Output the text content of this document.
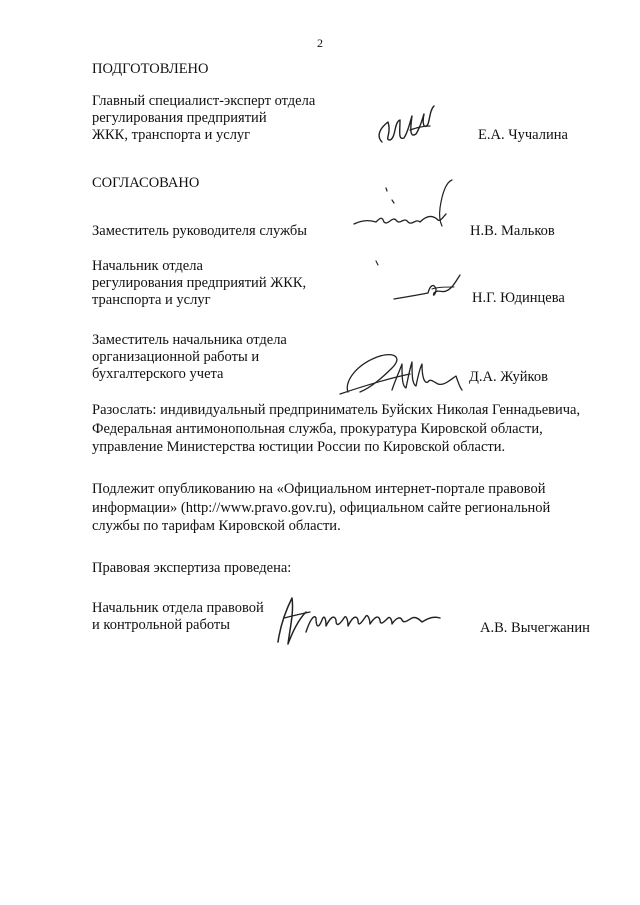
2
ПОДГОТОВЛЕНО
Главный специалист-эксперт отдела
регулирования предприятий
ЖКК, транспорта и услуг	Е.А. Чучалина
СОГЛАСОВАНО
Заместитель руководителя службы	Н.В. Мальков
Начальник отдела
регулирования предприятий ЖКК,
транспорта и услуг	Н.Г. Юдинцева
Заместитель начальника отдела
организационной работы и
бухгалтерского учета	Д.А. Жуйков
Разослать: индивидуальный предприниматель Буйских Николая Геннадьевича,
Федеральная антимонопольная служба, прокуратура Кировской области,
управление Министерства юстиции России по Кировской области.
Подлежит опубликованию на «Официальном интернет-портале правовой
информации» (http://www.pravo.gov.ru), официальном сайте региональной
службы по тарифам Кировской области.
Правовая экспертиза проведена:
Начальник отдела правовой
и контрольной работы	А.В. Вычегжанин
